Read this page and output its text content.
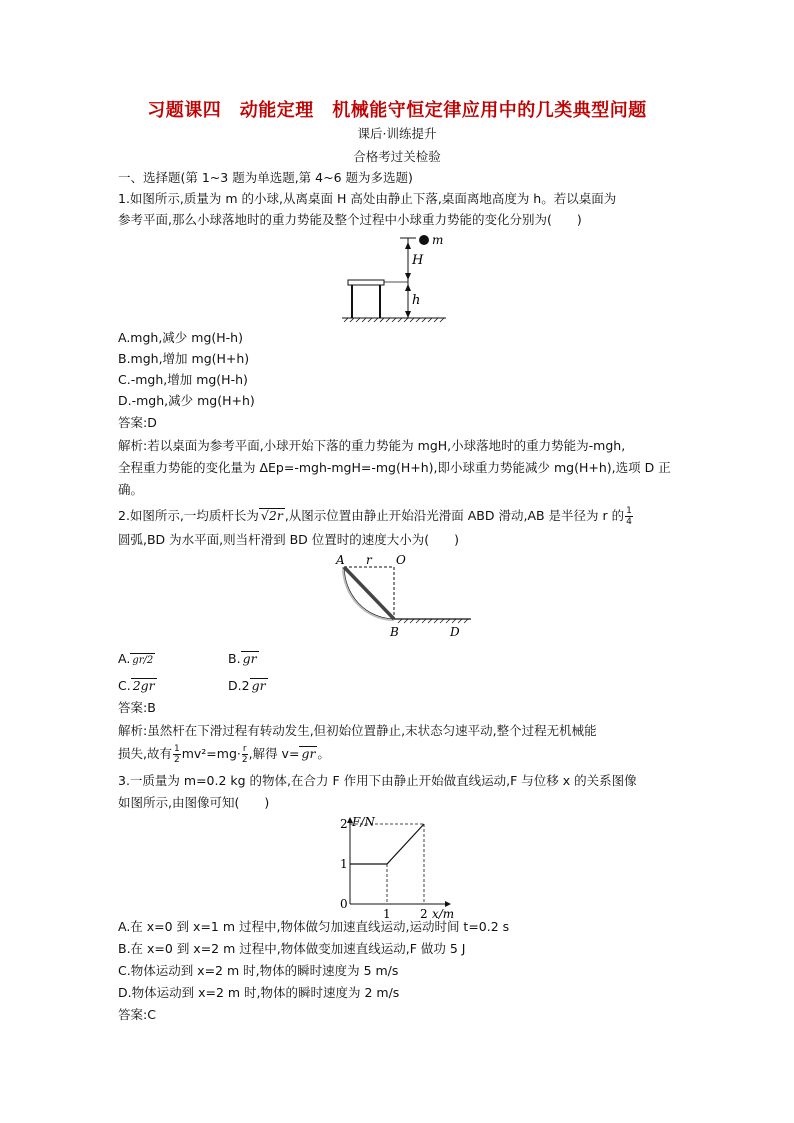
习题课四　动能定理　机械能守恒定律应用中的几类典型问题
课后·训练提升
合格考过关检验
一、选择题(第 1~3 题为单选题,第 4~6 题为多选题)
1.如图所示,质量为 m 的小球,从离桌面 H 高处由静止下落,桌面离地高度为 h。若以桌面为
参考平面,那么小球落地时的重力势能及整个过程中小球重力势能的变化分别为(　　)
m
H
h
A.mgh,减少 mg(H-h)
B.mgh,增加 mg(H+h)
C.-mgh,增加 mg(H-h)
D.-mgh,减少 mg(H+h)
答案:D
解析:若以桌面为参考平面,小球开始下落的重力势能为 mgH,小球落地时的重力势能为-mgh,
全程重力势能的变化量为 ΔEp=-mgh-mgH=-mg(H+h),即小球重力势能减少 mg(H+h),选项 D 正
确。
2.如图所示,一均质杆长为 √2r ,从图示位置由静止开始沿光滑面 ABD 滑动,AB 是半径为 r 的 $\frac{1}{4}$
圆弧,BD 为水平面,则当杆滑到 BD 位置时的速度大小为(　　)
A r O
B	D
A. gr/2	B. gr
C. 2gr	D.2 gr
答案:B
解析:虽然杆在下滑过程有转动发生,但初始位置静止,末状态匀速平动,整个过程无机械能
损失,故有 $\frac{1}{2} mv^2=mg\cdot \frac{r}{2}$ ,解得 v= gr 。
3.一质量为 m=0.2 kg 的物体,在合力 F 作用下由静止开始做直线运动,F 与位移 x 的关系图像
如图所示,由图像可知(　　)
F/N
x/m
0
1
2
1 2
A.在 x=0 到 x=1 m 过程中,物体做匀加速直线运动,运动时间 t=0.2 s
B.在 x=0 到 x=2 m 过程中,物体做变加速直线运动,F 做功 5 J
C.物体运动到 x=2 m 时,物体的瞬时速度为 5 m/s
D.物体运动到 x=2 m 时,物体的瞬时速度为 2 m/s
答案:C
